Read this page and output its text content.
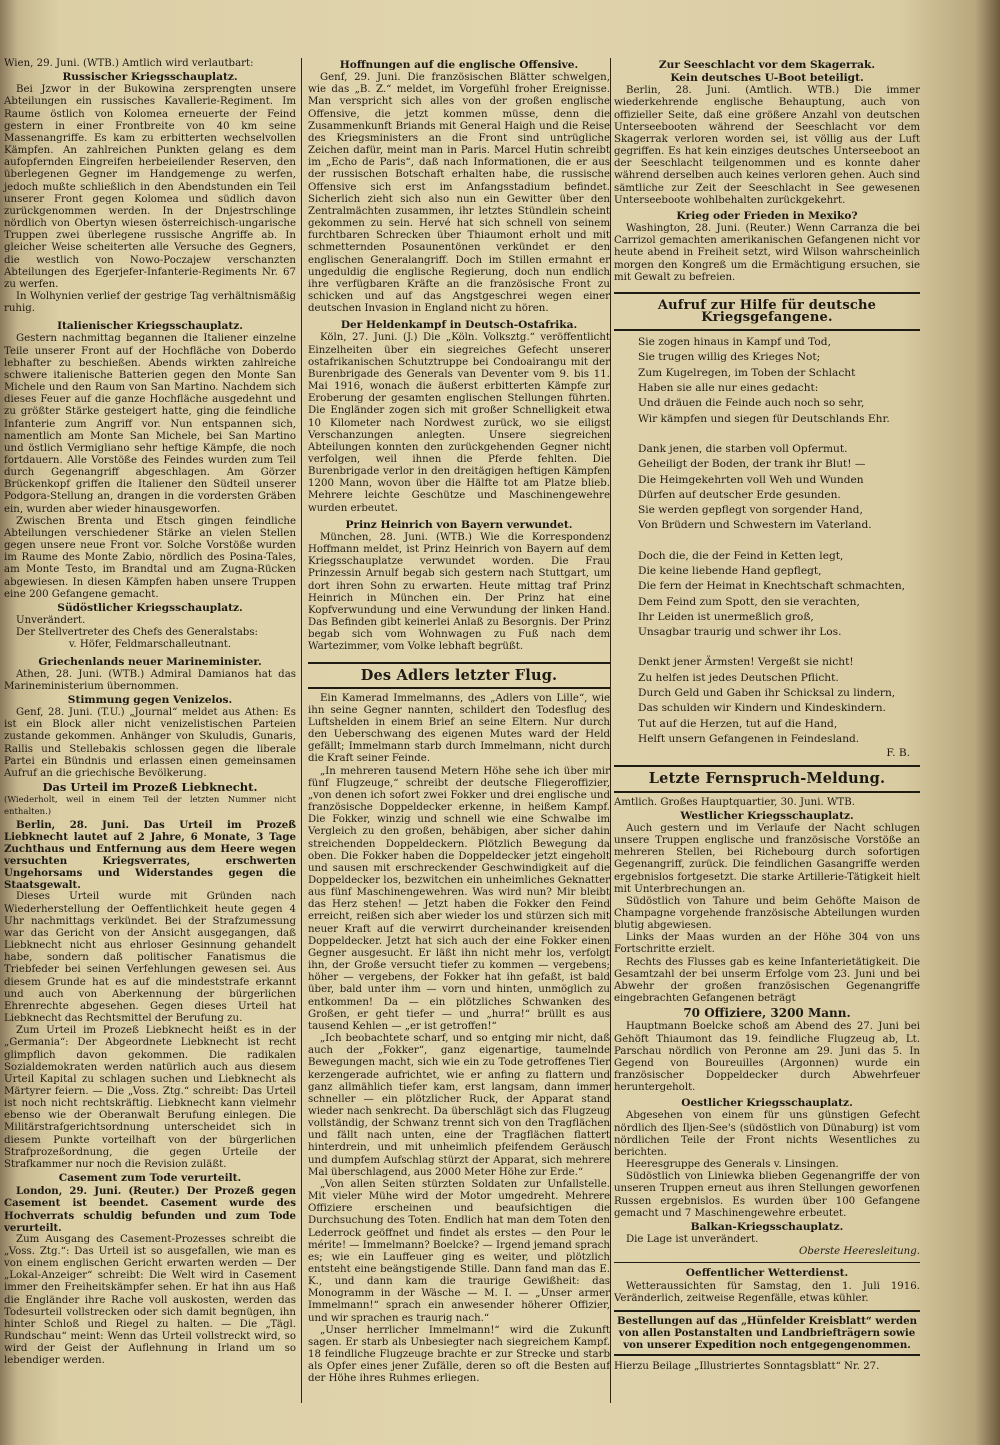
Wien, 29. Juni. (WTB.) Amtlich wird verlautbart:

Russischer Kriegsschauplatz.

Bei Jzwor in der Bukowina zersprengten unsere Abteilungen ein russisches Kavallerie-Regiment. Im Raume östlich von Kolomea erneuerte der Feind gestern in einer Frontbreite von 40 km seine Massenangriffe. Es kam zu erbitterten wechselvollen Kämpfen. An zahlreichen Punkten gelang es dem aufopfernden Eingreifen herbeieilender Reserven, den überlegenen Gegner im Handgemenge zu werfen, jedoch mußte schließlich in den Abendstunden ein Teil unserer Front gegen Kolomea und südlich davon zurückgenommen werden. In der Dnjestrschlinge nördlich von Obertyn wiesen österreichisch-ungarische Truppen zwei überlegene russische Angriffe ab. In gleicher Weise scheiterten alle Versuche des Gegners, die westlich von Nowo-Poczajew verschanzten Abteilungen des Egerjefer-Infanterie-Regiments Nr. 67 zu werfen.

In Wolhynien verlief der gestrige Tag verhältnismäßig ruhig.

Italienischer Kriegsschauplatz.

Gestern nachmittag begannen die Italiener einzelne Teile unserer Front auf der Hochfläche von Doberdo lebhafter zu beschießen. Abends wirkten zahlreiche schwere italienische Batterien gegen den Monte San Michele und den Raum von San Martino. Nachdem sich dieses Feuer auf die ganze Hochfläche ausgedehnt und zu größter Stärke gesteigert hatte, ging die feindliche Infanterie zum Angriff vor. Nun entspannen sich, namentlich am Monte San Michele, bei San Martino und östlich Vermigliano sehr heftige Kämpfe, die noch fortdauern. Alle Vorstöße des Feindes wurden zum Teil durch Gegenangriff abgeschlagen. Am Görzer Brückenkopf griffen die Italiener den Südteil unserer Podgora-Stellung an, drangen in die vordersten Gräben ein, wurden aber wieder hinausgeworfen.

Zwischen Brenta und Etsch gingen feindliche Abteilungen verschiedener Stärke an vielen Stellen gegen unsere neue Front vor. Solche Vorstöße wurden im Raume des Monte Zabio, nördlich des Posina-Tales, am Monte Testo, im Brandtal und am Zugna-Rücken abgewiesen. In diesen Kämpfen haben unsere Truppen eine 200 Gefangene gemacht.

Südöstlicher Kriegsschauplatz.

Unverändert.

Der Stellvertreter des Chefs des Generalstabs:

v. Höfer, Feldmarschalleutnant.
Griechenlands neuer Marineminister.

Athen, 28. Juni. (WTB.) Admiral Damianos hat das Marineministerium übernommen.

Stimmung gegen Venizelos.

Genf, 28. Juni. (T.U.) „Journal“ meldet aus Athen: Es ist ein Block aller nicht venizelistischen Parteien zustande gekommen. Anhänger von Skuludis, Gunaris, Rallis und Stellebakis schlossen gegen die liberale Partei ein Bündnis und erlassen einen gemeinsamen Aufruf an die griechische Bevölkerung.

Das Urteil im Prozeß Liebknecht.

(Wiederholt, weil in einem Teil der letzten Nummer nicht enthalten.)

Berlin, 28. Juni. Das Urteil im Prozeß Liebknecht lautet auf 2 Jahre, 6 Monate, 3 Tage Zuchthaus und Entfernung aus dem Heere wegen versuchten Kriegsverrates, erschwerten Ungehorsams und Widerstandes gegen die Staatsgewalt.

Dieses Urteil wurde mit Gründen nach Wiederherstellung der Oeffentlichkeit heute gegen 4 Uhr nachmittags verkündet. Bei der Strafzumessung war das Gericht von der Ansicht ausgegangen, daß Liebknecht nicht aus ehrloser Gesinnung gehandelt habe, sondern daß politischer Fanatismus die Triebfeder bei seinen Verfehlungen gewesen sei. Aus diesem Grunde hat es auf die mindeststrafe erkannt und auch von Aberkennung der bürgerlichen Ehrenrechte abgesehen. Gegen dieses Urteil hat Liebknecht das Rechtsmittel der Berufung zu.

Zum Urteil im Prozeß Liebknecht heißt es in der „Germania“: Der Abgeordnete Liebknecht ist recht glimpflich davon gekommen. Die radikalen Sozialdemokraten werden natürlich auch aus diesem Urteil Kapital zu schlagen suchen und Liebknecht als Märtyrer feiern. — Die „Voss. Ztg.“ schreibt: Das Urteil ist noch nicht rechtskräftig. Liebknecht kann vielmehr ebenso wie der Oberanwalt Berufung einlegen. Die Militärstrafgerichtsordnung unterscheidet sich in diesem Punkte vorteilhaft von der bürgerlichen Strafprozeßordnung, die gegen Urteile der Strafkammer nur noch die Revision zuläßt.

Casement zum Tode verurteilt.

London, 29. Juni. (Reuter.) Der Prozeß gegen Casement ist beendet. Casement wurde des Hochverrats schuldig befunden und zum Tode verurteilt.

Zum Ausgang des Casement-Prozesses schreibt die „Voss. Ztg.“: Das Urteil ist so ausgefallen, wie man es von einem englischen Gericht erwarten werden — Der „Lokal-Anzeiger“ schreibt: Die Welt wird in Casement immer den Freiheitskämpfer sehen. Er hat ihn aus Haß die Engländer ihre Rache voll auskosten, werden das Todesurteil vollstrecken oder sich damit begnügen, ihn hinter Schloß und Riegel zu halten. — Die „Tägl. Rundschau“ meint: Wenn das Urteil vollstreckt wird, so wird der Geist der Auflehnung in Irland um so lebendiger werden.

Hoffnungen auf die englische Offensive.

Genf, 29. Juni. Die französischen Blätter schwelgen, wie das „B. Z.“ meldet, im Vorgefühl froher Ereignisse. Man verspricht sich alles von der großen englische Offensive, die jetzt kommen müsse, denn die Zusammenkunft Briands mit General Haigh und die Reise des Kriegsministers an die Front sind untrügliche Zeichen dafür, meint man in Paris. Marcel Hutin schreibt im „Echo de Paris“, daß nach Informationen, die er aus der russischen Botschaft erhalten habe, die russische Offensive sich erst im Anfangsstadium befindet. Sicherlich zieht sich also nun ein Gewitter über den Zentralmächten zusammen, ihr letztes Stündlein scheint gekommen zu sein. Hervé hat sich schnell von seinem furchtbaren Schrecken über Thiaumont erholt und mit schmetternden Posaunentönen verkündet er den englischen Generalangriff. Doch im Stillen ermahnt er ungeduldig die englische Regierung, doch nun endlich ihre verfügbaren Kräfte an die französische Front zu schicken und auf das Angstgeschrei wegen einer deutschen Invasion in England nicht zu hören.

Der Heldenkampf in Deutsch-Ostafrika.

Köln, 27. Juni. (J.) Die „Köln. Volksztg.“ veröffentlicht Einzelheiten über ein siegreiches Gefecht unserer ostafrikanischen Schutztruppe bei Condoairangu mit der Burenbrigade des Generals van Deventer vom 9. bis 11. Mai 1916, wonach die äußerst erbitterten Kämpfe zur Eroberung der gesamten englischen Stellungen führten. Die Engländer zogen sich mit großer Schnelligkeit etwa 10 Kilometer nach Nordwest zurück, wo sie eiligst Verschanzungen anlegten. Unsere siegreichen Abteilungen konnten den zurückgehenden Gegner nicht verfolgen, weil ihnen die Pferde fehlten. Die Burenbrigade verlor in den dreitägigen heftigen Kämpfen 1200 Mann, wovon über die Hälfte tot am Platze blieb. Mehrere leichte Geschütze und Maschinengewehre wurden erbeutet.

Prinz Heinrich von Bayern verwundet.

München, 28. Juni. (WTB.) Wie die Korrespondenz Hoffmann meldet, ist Prinz Heinrich von Bayern auf dem Kriegsschauplatze verwundet worden. Die Frau Prinzessin Arnulf begab sich gestern nach Stuttgart, um dort ihren Sohn zu erwarten. Heute mittag traf Prinz Heinrich in München ein. Der Prinz hat eine Kopfverwundung und eine Verwundung der linken Hand. Das Befinden gibt keinerlei Anlaß zu Besorgnis. Der Prinz begab sich vom Wohnwagen zu Fuß nach dem Wartezimmer, vom Volke lebhaft begrüßt.

Des Adlers letzter Flug.

Ein Kamerad Immelmanns, des „Adlers von Lille“, wie ihn seine Gegner nannten, schildert den Todesflug des Luftshelden in einem Brief an seine Eltern. Nur durch den Ueberschwang des eigenen Mutes ward der Held gefällt; Immelmann starb durch Immelmann, nicht durch die Kraft seiner Feinde.

„In mehreren tausend Metern Höhe sehe ich über mir fünf Flugzeuge,“ schreibt der deutsche Fliegeroffizier, „von denen ich sofort zwei Fokker und drei englische und französische Doppeldecker erkenne, in heißem Kampf. Die Fokker, winzig und schnell wie eine Schwalbe im Vergleich zu den großen, behäbigen, aber sicher dahin streichenden Doppeldeckern. Plötzlich Bewegung da oben. Die Fokker haben die Doppeldecker jetzt eingeholt und sausen mit erschreckender Geschwindigkeit auf die Doppeldecker los, bezwitchen ein unheimliches Geknatter aus fünf Maschinengewehren. Was wird nun? Mir bleibt das Herz stehen! — Jetzt haben die Fokker den Feind erreicht, reißen sich aber wieder los und stürzen sich mit neuer Kraft auf die verwirrt durcheinander kreisenden Doppeldecker. Jetzt hat sich auch der eine Fokker einen Gegner ausgesucht. Er läßt ihn nicht mehr los, verfolgt ihn, der Große versucht tiefer zu kommen — vergebens; höher — vergebens, der Fokker hat ihn gefaßt, ist bald über, bald unter ihm — vorn und hinten, unmöglich zu entkommen! Da — ein plötzliches Schwanken des Großen, er geht tiefer — und „hurra!“ brüllt es aus tausend Kehlen — „er ist getroffen!“

„Ich beobachtete scharf, und so entging mir nicht, daß auch der „Fokker“, ganz eigenartige, taumelnde Bewegungen macht, sich wie ein zu Tode getroffenes Tier kerzengerade aufrichtet, wie er anfing zu flattern und ganz allmählich tiefer kam, erst langsam, dann immer schneller — ein plötzlicher Ruck, der Apparat stand wieder nach senkrecht. Da überschlägt sich das Flugzeug vollständig, der Schwanz trennt sich von den Tragflächen und fällt nach unten, eine der Tragflächen flattert hinterdrein, und mit unheimlich pfeifendem Geräusch und dumpfem Aufschlag stürzt der Apparat, sich mehrere Mal überschlagend, aus 2000 Meter Höhe zur Erde.“

„Von allen Seiten stürzten Soldaten zur Unfallstelle. Mit vieler Mühe wird der Motor umgedreht. Mehrere Offiziere erscheinen und beaufsichtigen die Durchsuchung des Toten. Endlich hat man dem Toten den Lederrock geöffnet und findet als erstes — den Pour le mérite! — Immelmann? Boelcke? — Irgend jemand sprach es; wie ein Lauffeuer ging es weiter, und plötzlich entsteht eine beängstigende Stille. Dann fand man das E. K., und dann kam die traurige Gewißheit: das Monogramm in der Wäsche — M. I. — „Unser armer Immelmann!“ sprach ein anwesender höherer Offizier, und wir sprachen es traurig nach.“

„Unser herrlicher Immelmann!“ wird die Zukunft sagen. Er starb als Unbesiegter nach siegreichem Kampf. 18 feindliche Flugzeuge brachte er zur Strecke und starb als Opfer eines jener Zufälle, deren so oft die Besten auf der Höhe ihres Ruhmes erliegen.

Zur Seeschlacht vor dem Skagerrak.
Kein deutsches U-Boot beteiligt.

Berlin, 28. Juni. (Amtlich. WTB.) Die immer wiederkehrende englische Behauptung, auch von offizieller Seite, daß eine größere Anzahl von deutschen Unterseebooten während der Seeschlacht vor dem Skagerrak verloren worden sei, ist völlig aus der Luft gegriffen. Es hat kein einziges deutsches Unterseeboot an der Seeschlacht teilgenommen und es konnte daher während derselben auch keines verloren gehen. Auch sind sämtliche zur Zeit der Seeschlacht in See gewesenen Unterseeboote wohlbehalten zurückgekehrt.

Krieg oder Frieden in Mexiko?

Washington, 28. Juni. (Reuter.) Wenn Carranza die bei Carrizol gemachten amerikanischen Gefangenen nicht vor heute abend in Freiheit setzt, wird Wilson wahrscheinlich morgen den Kongreß um die Ermächtigung ersuchen, sie mit Gewalt zu befreien.

Aufruf zur Hilfe für deutsche Kriegsgefangene.
Sie zogen hinaus in Kampf und Tod,
Sie trugen willig des Krieges Not;
Zum Kugelregen, im Toben der Schlacht
Haben sie alle nur eines gedacht:
Und dräuen die Feinde auch noch so sehr,
Wir kämpfen und siegen für Deutschlands Ehr.
Dank jenen, die starben voll Opfermut.
Geheiligt der Boden, der trank ihr Blut! —
Die Heimgekehrten voll Weh und Wunden
Dürfen auf deutscher Erde gesunden.
Sie werden gepflegt von sorgender Hand,
Von Brüdern und Schwestern im Vaterland.
Doch die, die der Feind in Ketten legt,
Die keine liebende Hand gepflegt,
Die fern der Heimat in Knechtschaft schmachten,
Dem Feind zum Spott, den sie verachten,
Ihr Leiden ist unermeßlich groß,
Unsagbar traurig und schwer ihr Los.
Denkt jener Ärmsten! Vergeßt sie nicht!
Zu helfen ist jedes Deutschen Pflicht.
Durch Geld und Gaben ihr Schicksal zu lindern,
Das schulden wir Kindern und Kindeskindern.
Tut auf die Herzen, tut auf die Hand,
Helft unsern Gefangenen in Feindesland.
F. B.
Letzte Fernspruch-Meldung.

Amtlich. Großes Hauptquartier, 30. Juni. WTB.

Westlicher Kriegsschauplatz.

Auch gestern und im Verlaufe der Nacht schlugen unsere Truppen englische und französische Vorstöße an mehreren Stellen, bei Richebourg durch sofortigen Gegenangriff, zurück. Die feindlichen Gasangriffe werden ergebnislos fortgesetzt. Die starke Artillerie-Tätigkeit hielt mit Unterbrechungen an.

Südöstlich von Tahure und beim Gehöfte Maison de Champagne vorgehende französische Abteilungen wurden blutig abgewiesen.

Links der Maas wurden an der Höhe 304 von uns Fortschritte erzielt.

Rechts des Flusses gab es keine Infanterietätigkeit. Die Gesamtzahl der bei unserm Erfolge vom 23. Juni und bei Abwehr der großen französischen Gegenangriffe eingebrachten Gefangenen beträgt

70 Offiziere, 3200 Mann.

Hauptmann Boelcke schoß am Abend des 27. Juni bei Gehöft Thiaumont das 19. feindliche Flugzeug ab, Lt. Parschau nördlich von Peronne am 29. Juni das 5. In Gegend von Boureuilles (Argonnen) wurde ein französischer Doppeldecker durch Abwehrfeuer heruntergeholt.

Oestlicher Kriegsschauplatz.

Abgesehen von einem für uns günstigen Gefecht nördlich des Iljen-See's (südöstlich von Dünaburg) ist vom nördlichen Teile der Front nichts Wesentliches zu berichten.

Heeresgruppe des Generals v. Linsingen.

Südöstlich von Liniewka blieben Gegenangriffe der von unseren Truppen erneut aus ihren Stellungen geworfenen Russen ergebnislos. Es wurden über 100 Gefangene gemacht und 7 Maschinengewehre erbeutet.

Balkan-Kriegsschauplatz.

Die Lage ist unverändert.

Oberste Heeresleitung.

Oeffentlicher Wetterdienst.

Wetteraussichten für Samstag, den 1. Juli 1916. Veränderlich, zeitweise Regenfälle, etwas kühler.

Bestellungen auf das „Hünfelder Kreisblatt“ werden von allen Postanstalten und Landbriefträgern sowie von unserer Expedition noch entgegengenommen.

Hierzu Beilage „Illustriertes Sonntagsblatt“ Nr. 27.
